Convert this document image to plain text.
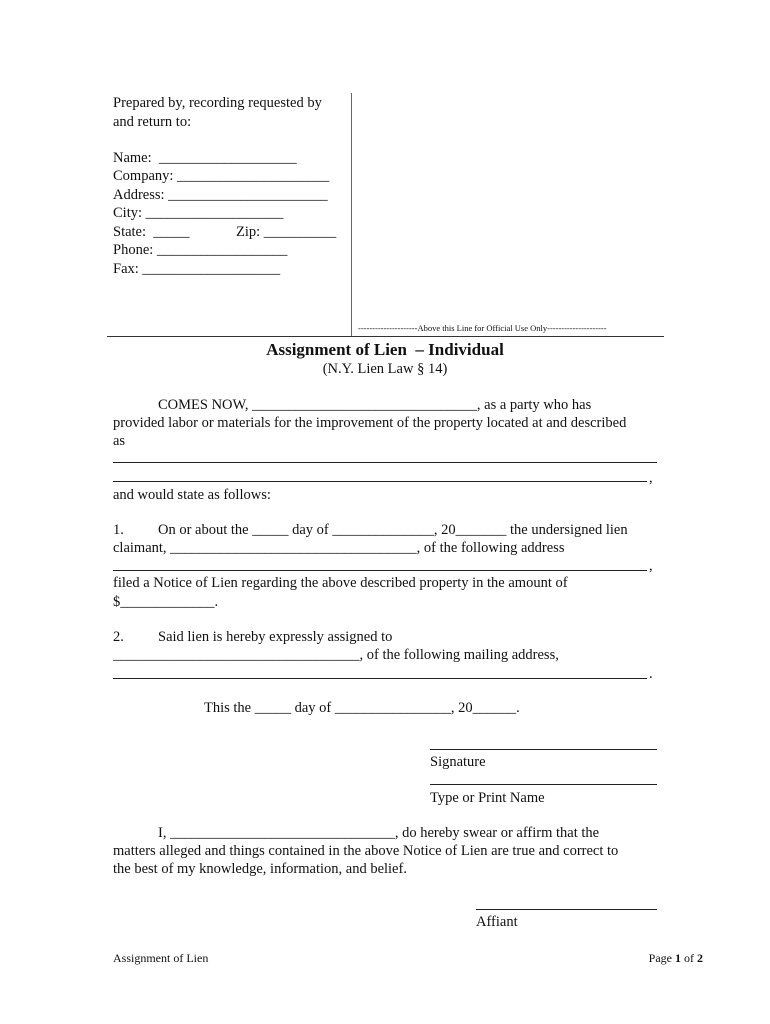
Prepared by, recording requested by
and return to:
Name:  ___________________
Company: _____________________
Address: ______________________
City: ___________________
State:  _____	Zip: __________
Phone: __________________
Fax: ___________________
---------------------Above this Line for Official Use Only---------------------
Assignment of Lien  – Individual
(N.Y. Lien Law § 14)
COMES NOW, _______________________________, as a party who has
provided labor or materials for the improvement of the property located at and described
as
,
and would state as follows:
1. On or about the _____ day of ______________, 20_______ the undersigned lien
claimant, __________________________________, of the following address
,
filed a Notice of Lien regarding the above described property in the amount of
$_____________.
2. Said lien is hereby expressly assigned to
__________________________________, of the following mailing address,
.
This the _____ day of ________________, 20______.
Signature
Type or Print Name
I, _______________________________, do hereby swear or affirm that the
matters alleged and things contained in the above Notice of Lien are true and correct to
the best of my knowledge, information, and belief.
Affiant
Assignment of Lien	Page 1 of 2
